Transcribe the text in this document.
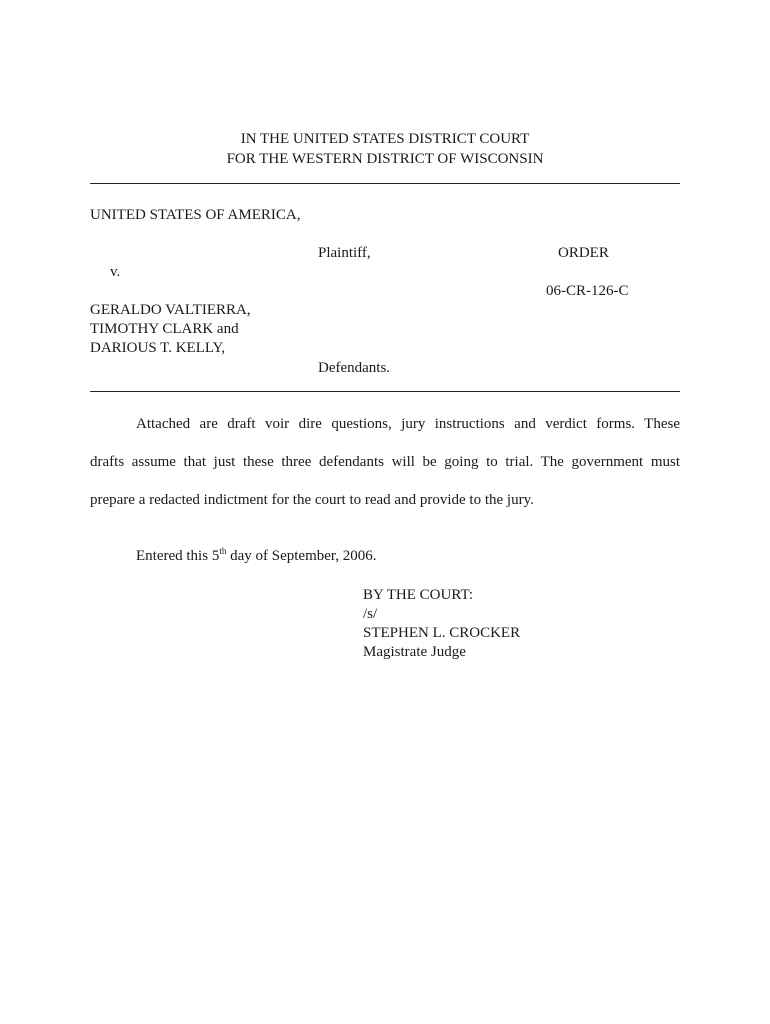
IN THE UNITED STATES DISTRICT COURT
FOR THE WESTERN DISTRICT OF WISCONSIN
UNITED STATES OF AMERICA,
Plaintiff,	ORDER
v.
06-CR-126-C
GERALDO VALTIERRA,
TIMOTHY CLARK and
DARIOUS T. KELLY,
Defendants.
Attached are draft voir dire questions, jury instructions and verdict forms. These
drafts assume that just these three defendants will be going to trial. The government must
prepare a redacted indictment for the court to read and provide to the jury.
Entered this 5th day of September, 2006.
BY THE COURT:
/s/
STEPHEN L. CROCKER
Magistrate Judge
